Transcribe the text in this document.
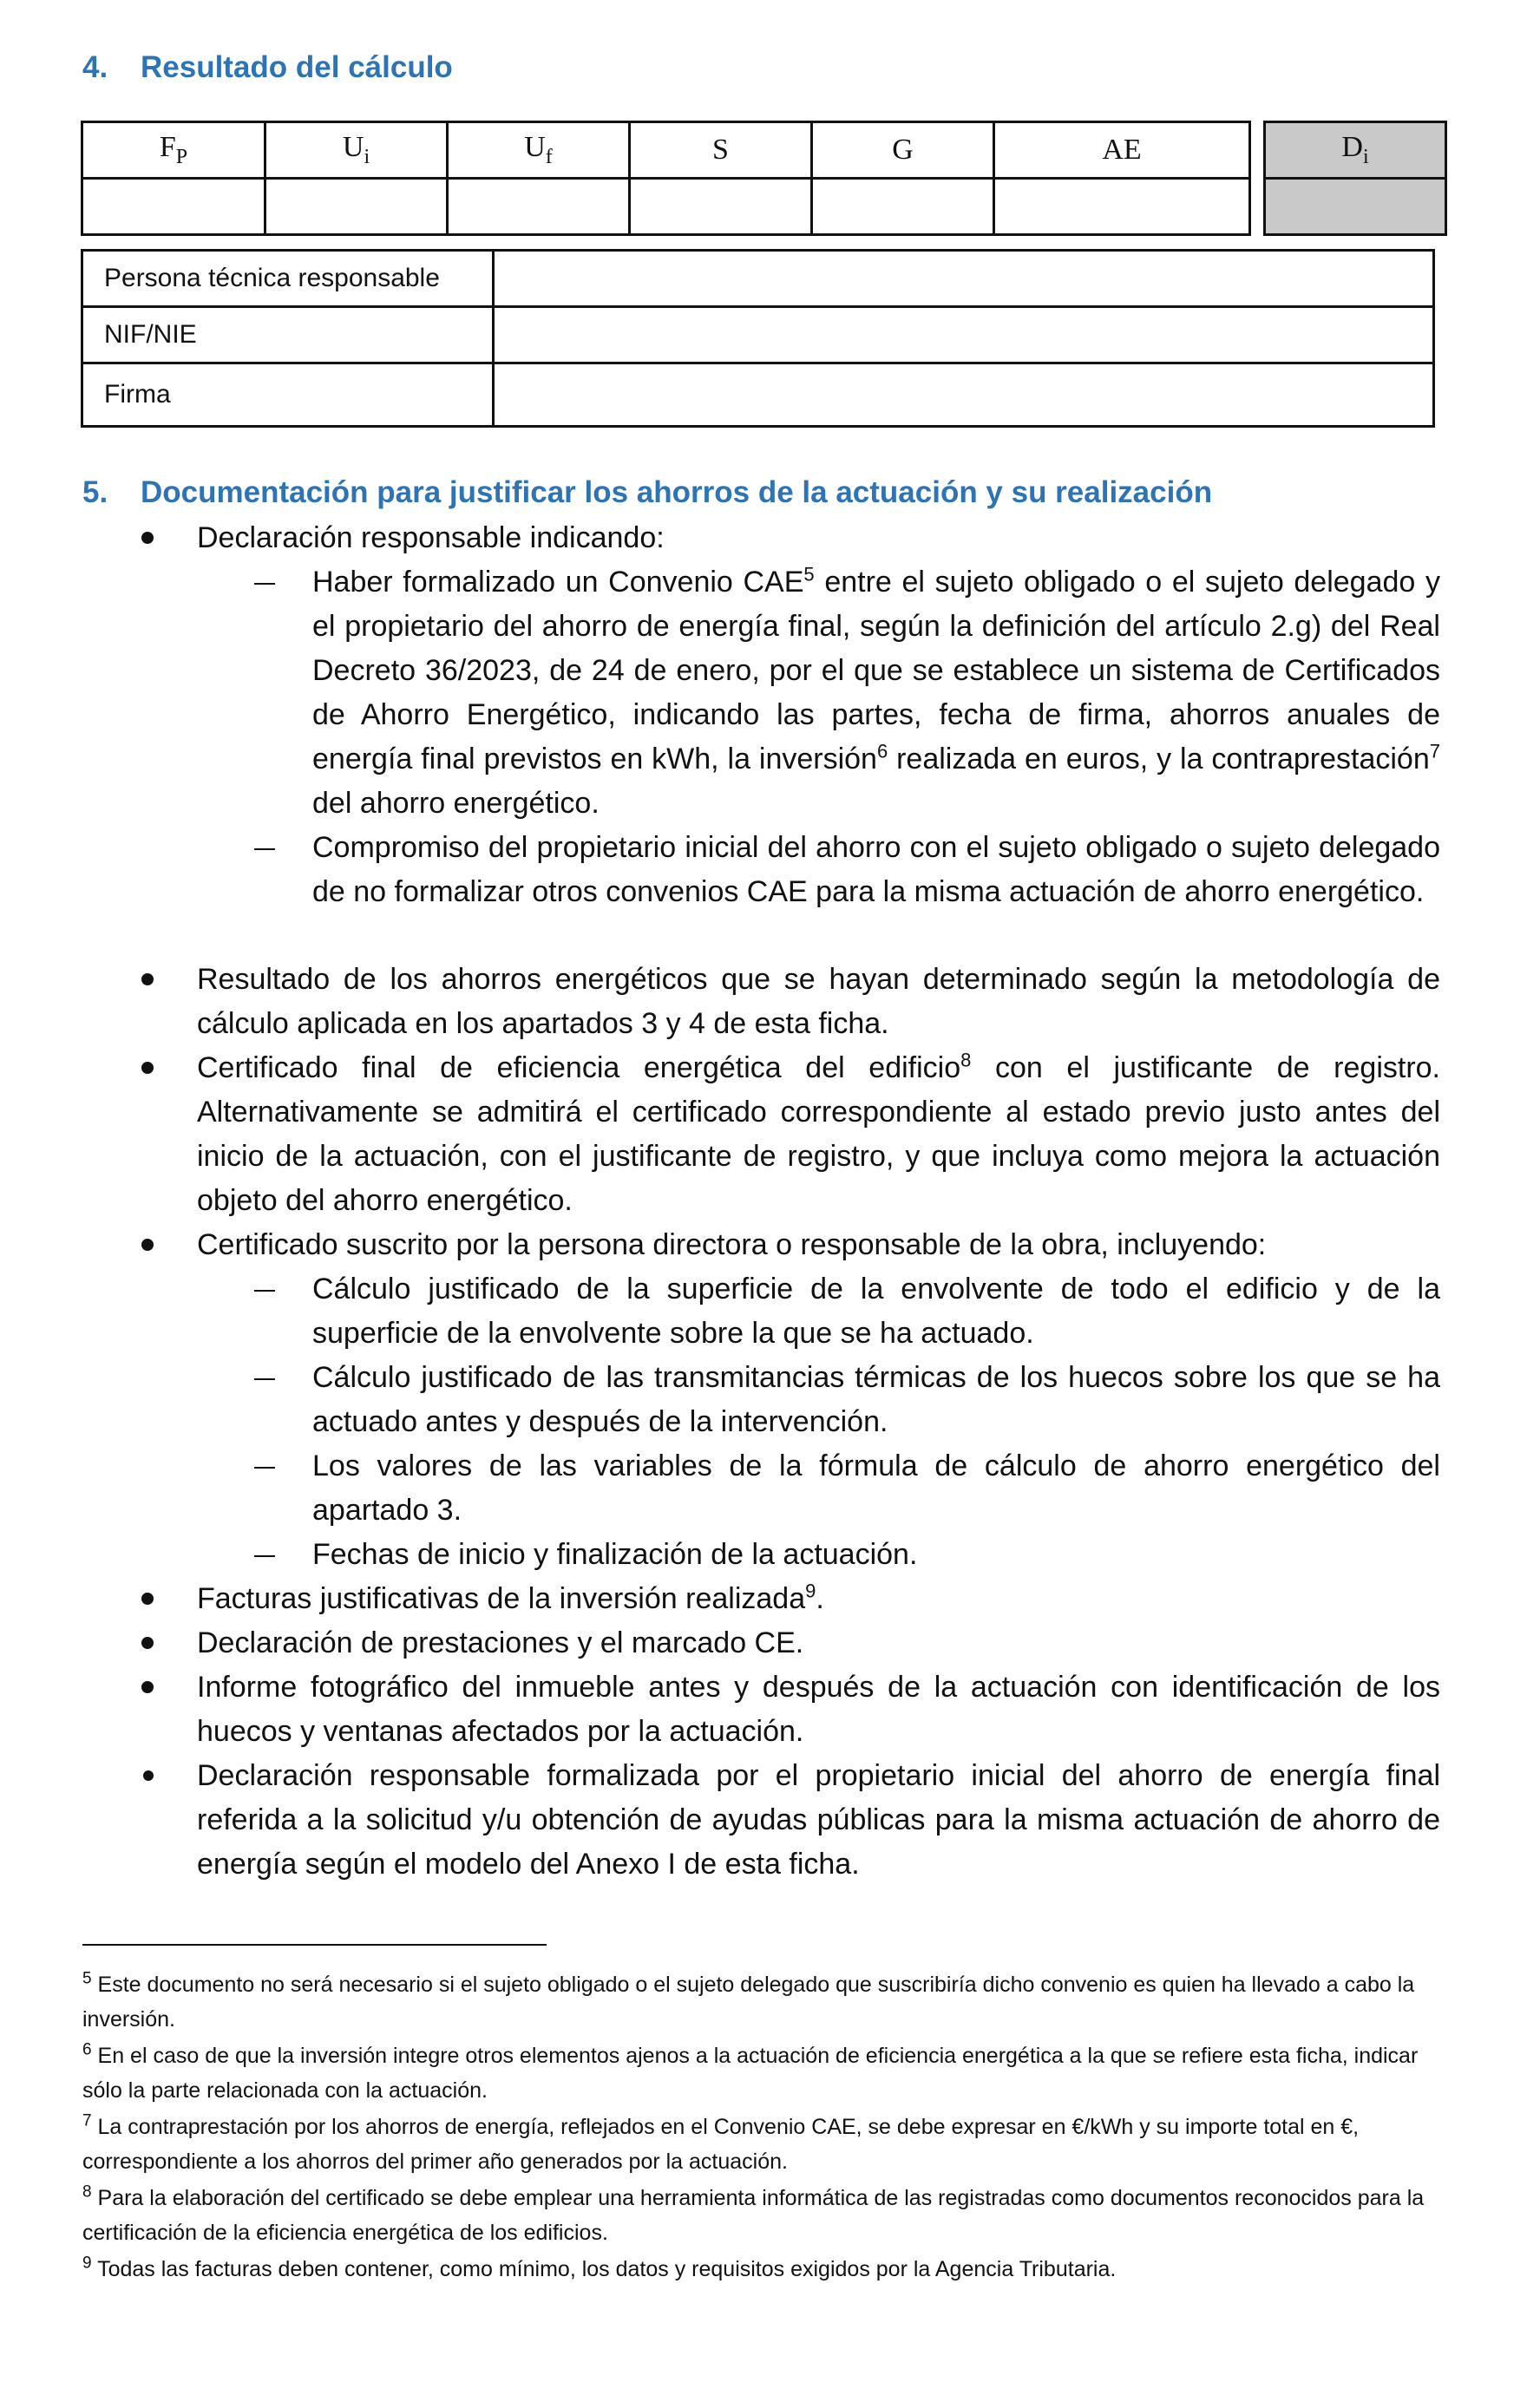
4. Resultado del cálculo
$F_P$	$U_i$	$U_f$	S	G	AE		$D_i$

Persona técnica responsable	
NIF/NIE	
Firma	
5. Documentación para justificar los ahorros de la actuación y su realización

Declaración responsable indicando:

Haber formalizado un Convenio CAE$^5$ entre el sujeto obligado o el sujeto delegado y el propietario del ahorro de energía final, según la definición del artículo 2.g) del Real Decreto 36/2023, de 24 de enero, por el que se establece un sistema de Certificados de Ahorro Energético, indicando las partes, fecha de firma, ahorros anuales de energía final previstos en kWh, la inversión$^6$ realizada en euros, y la contraprestación$^7$ del ahorro energético.

Compromiso del propietario inicial del ahorro con el sujeto obligado o sujeto delegado de no formalizar otros convenios CAE para la misma actuación de ahorro energético.

Resultado de los ahorros energéticos que se hayan determinado según la metodología de cálculo aplicada en los apartados 3 y 4 de esta ficha.

Certificado final de eficiencia energética del edificio$^8$ con el justificante de registro. Alternativamente se admitirá el certificado correspondiente al estado previo justo antes del inicio de la actuación, con el justificante de registro, y que incluya como mejora la actuación objeto del ahorro energético.

Certificado suscrito por la persona directora o responsable de la obra, incluyendo:

Cálculo justificado de la superficie de la envolvente de todo el edificio y de la superficie de la envolvente sobre la que se ha actuado.

Cálculo justificado de las transmitancias térmicas de los huecos sobre los que se ha actuado antes y después de la intervención.

Los valores de las variables de la fórmula de cálculo de ahorro energético del apartado 3.

Fechas de inicio y finalización de la actuación.

Facturas justificativas de la inversión realizada$^9$.

Declaración de prestaciones y el marcado CE.

Informe fotográfico del inmueble antes y después de la actuación con identificación de los huecos y ventanas afectados por la actuación.

Declaración responsable formalizada por el propietario inicial del ahorro de energía final referida a la solicitud y/u obtención de ayudas públicas para la misma actuación de ahorro de energía según el modelo del Anexo I de esta ficha.

$^5$ Este documento no será necesario si el sujeto obligado o el sujeto delegado que suscribiría dicho convenio es quien ha llevado a cabo la inversión.

$^6$ En el caso de que la inversión integre otros elementos ajenos a la actuación de eficiencia energética a la que se refiere esta ficha, indicar sólo la parte relacionada con la actuación.

$^7$ La contraprestación por los ahorros de energía, reflejados en el Convenio CAE, se debe expresar en €/kWh y su importe total en €, correspondiente a los ahorros del primer año generados por la actuación.

$^8$ Para la elaboración del certificado se debe emplear una herramienta informática de las registradas como documentos reconocidos para la certificación de la eficiencia energética de los edificios.

$^9$ Todas las facturas deben contener, como mínimo, los datos y requisitos exigidos por la Agencia Tributaria.
